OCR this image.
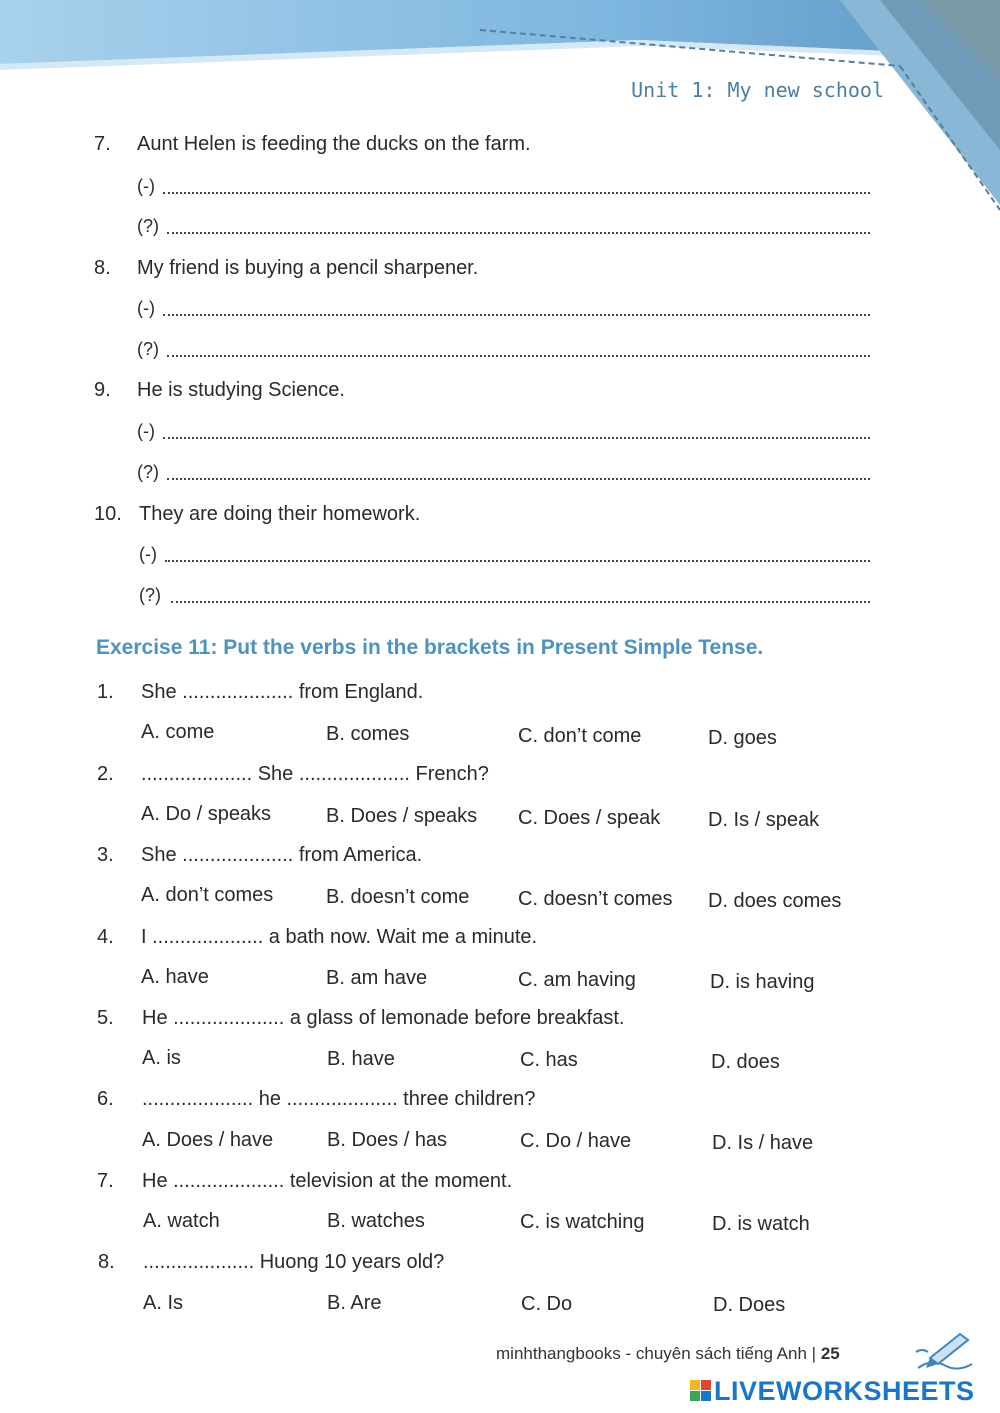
Unit 1: My new school
7. Aunt Helen is feeding the ducks on the farm.
(-)
(?)
8. My friend is buying a pencil sharpener.
(-)
(?)
9. He is studying Science.
(-)
(?)
10. They are doing their homework.
(-)
(?)
Exercise 11: Put the verbs in the brackets in Present Simple Tense.
1. She .................... from England.
A. come	B. comes	C. don’t come	D. goes
2. .................... She .................... French?
A. Do / speaks	B. Does / speaks C. Does / speak D. Is / speak
3. She .................... from America.
A. don’t comes	B. doesn’t come C. doesn’t comes D. does comes
4. I .................... a bath now. Wait me a minute.
A. have	B. am have	C. am having	D. is having
5. He .................... a glass of lemonade before breakfast.
A. is	B. have	C. has	D. does
6. .................... he .................... three children?
A. Does / have	B. Does / has	C. Do / have	D. Is / have
7. He .................... television at the moment.
A. watch	B. watches	C. is watching	D. is watch
8. .................... Huong 10 years old?
A. Is	B. Are	C. Do	D. Does
minhthangbooks - chuyên sách tiếng Anh | 25
LIVEWORKSHEETS
